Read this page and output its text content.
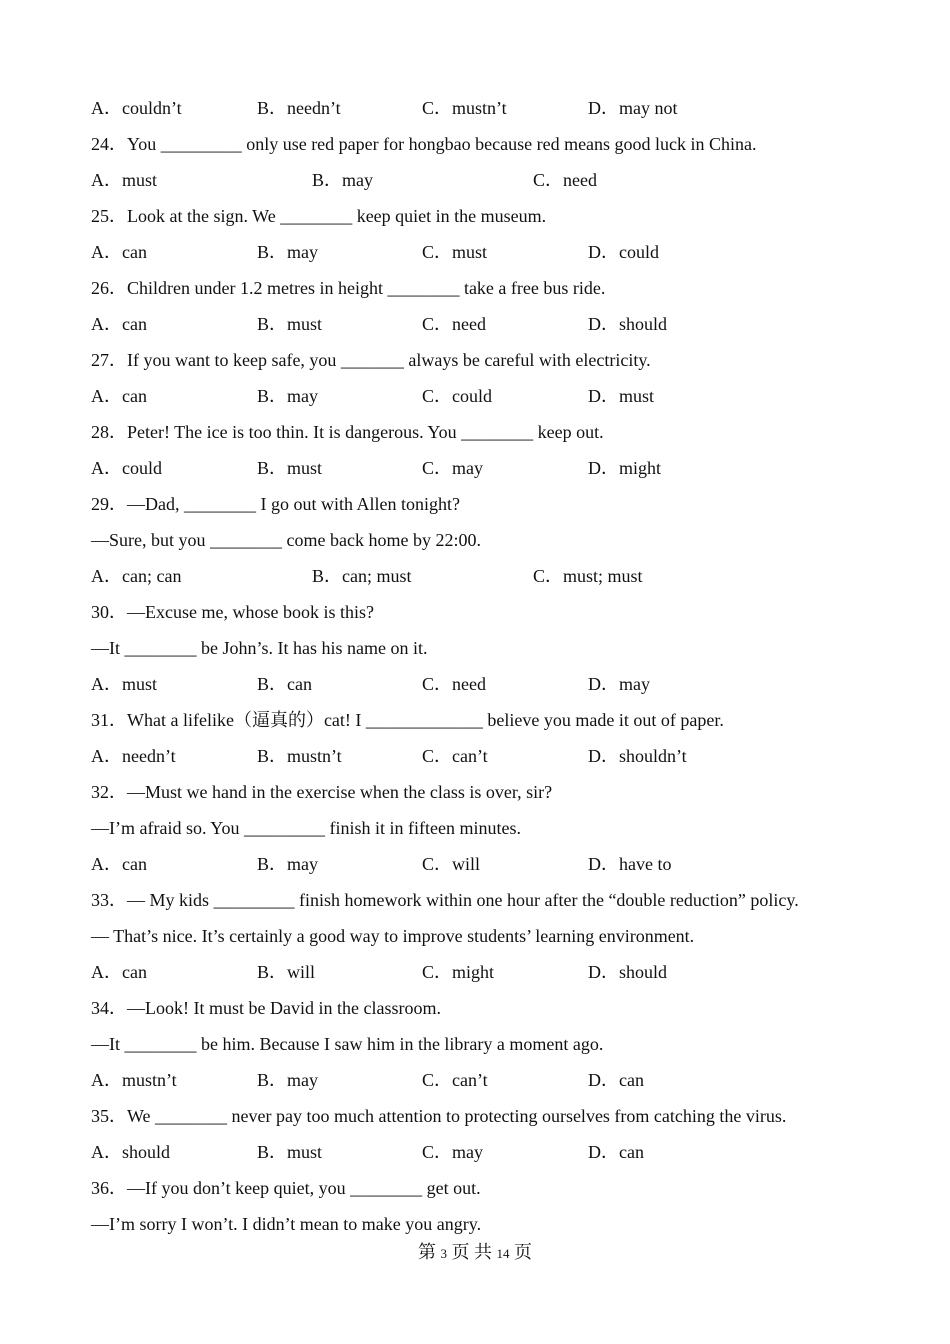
A．couldn’t	B．needn’t	C．mustn’t	D．may not
24．You _________ only use red paper for hongbao because red means good luck in China.
A．must	B．may	C．need
25．Look at the sign. We ________ keep quiet in the museum.
A．can	B．may	C．must	D．could
26．Children under 1.2 metres in height ________ take a free bus ride.
A．can	B．must	C．need	D．should
27．If you want to keep safe, you _______ always be careful with electricity.
A．can	B．may	C．could	D．must
28．Peter! The ice is too thin. It is dangerous. You ________ keep out.
A．could	B．must	C．may	D．might
29．—Dad, ________ I go out with Allen tonight?
—Sure, but you ________ come back home by 22:00.
A．can; can	B．can; must	C．must; must
30．—Excuse me, whose book is this?
—It ________ be John’s. It has his name on it.
A．must	B．can	C．need	D．may
31．What a lifelike（逼真的）cat! I _____________ believe you made it out of paper.
A．needn’t	B．mustn’t	C．can’t	D．shouldn’t
32．—Must we hand in the exercise when the class is over, sir?
—I’m afraid so. You _________ finish it in fifteen minutes.
A．can	B．may	C．will	D．have to
33．— My kids _________ finish homework within one hour after the “double reduction” policy.
— That’s nice. It’s certainly a good way to improve students’ learning environment.
A．can	B．will	C．might	D．should
34．—Look! It must be David in the classroom.
—It ________ be him. Because I saw him in the library a moment ago.
A．mustn’t	B．may	C．can’t	D．can
35．We ________ never pay too much attention to protecting ourselves from catching the virus.
A．should	B．must	C．may	D．can
36．—If you don’t keep quiet, you ________ get out.
—I’m sorry I won’t. I didn’t mean to make you angry.
第 3 页 共 14 页
